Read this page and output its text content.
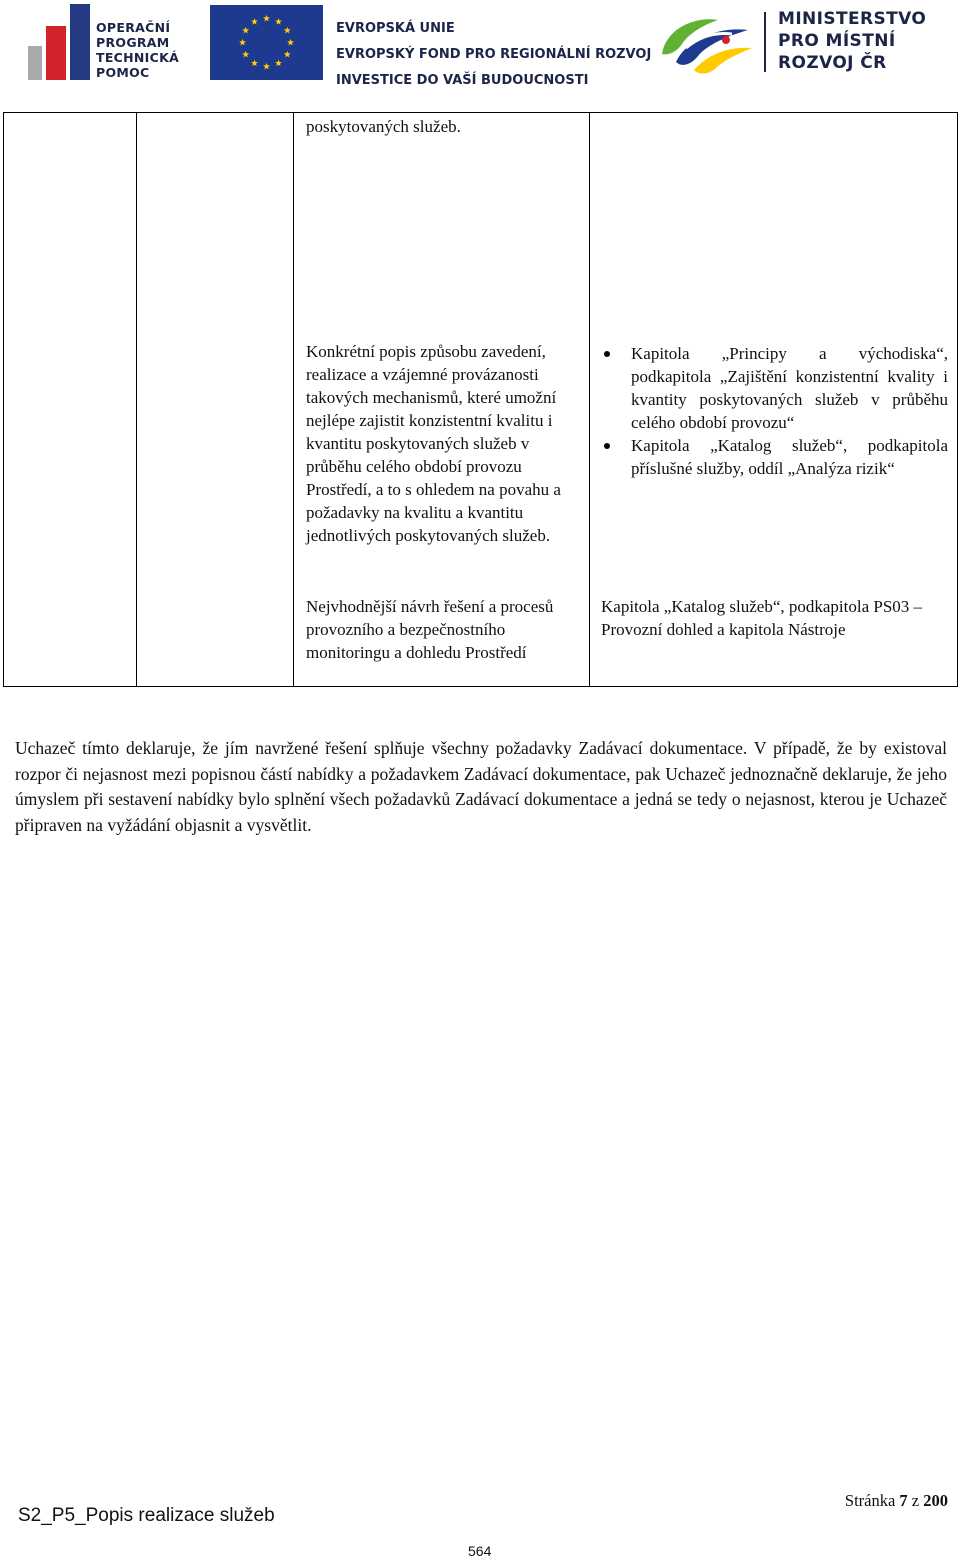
OPERAČNÍ
PROGRAM
TECHNICKÁ
POMOC
EVROPSKÁ UNIE
EVROPSKÝ FOND PRO REGIONÁLNÍ ROZVOJ
INVESTICE DO VAŠÍ BUDOUCNOSTI
MINISTERSTVO
PRO MÍSTNÍ
ROZVOJ ČR
poskytovaných služeb.
Konkrétní popis způsobu zavedení, realizace a vzájemné provázanosti takových mechanismů, které umožní nejlépe zajistit konzistentní kvalitu i kvantitu poskytovaných služeb v průběhu celého období provozu Prostředí, a to s ohledem na povahu a požadavky na kvalitu a kvantitu jednotlivých poskytovaných služeb.
Nejvhodnější návrh řešení a procesů provozního a bezpečnostního monitoringu a dohledu Prostředí
Kapitola „Principy a východiska“, podkapitola „Zajištění konzistentní kvality i kvantity poskytovaných služeb v průběhu celého období provozu“
Kapitola „Katalog služeb“, podkapitola příslušné služby, oddíl „Analýza rizik“
Kapitola „Katalog služeb“, podkapitola PS03 – Provozní dohled a kapitola Nástroje
Uchazeč tímto deklaruje, že jím navržené řešení splňuje všechny požadavky Zadávací dokumentace. V případě, že by existoval rozpor či nejasnost mezi popisnou částí nabídky a požadavkem Zadávací dokumentace, pak Uchazeč jednoznačně deklaruje, že jeho úmyslem při sestavení nabídky bylo splnění všech požadavků Zadávací dokumentace a jedná se tedy o nejasnost, kterou je Uchazeč připraven na vyžádání objasnit a vysvětlit.
S2_P5_Popis realizace služeb
Stránka 7 z 200
564
